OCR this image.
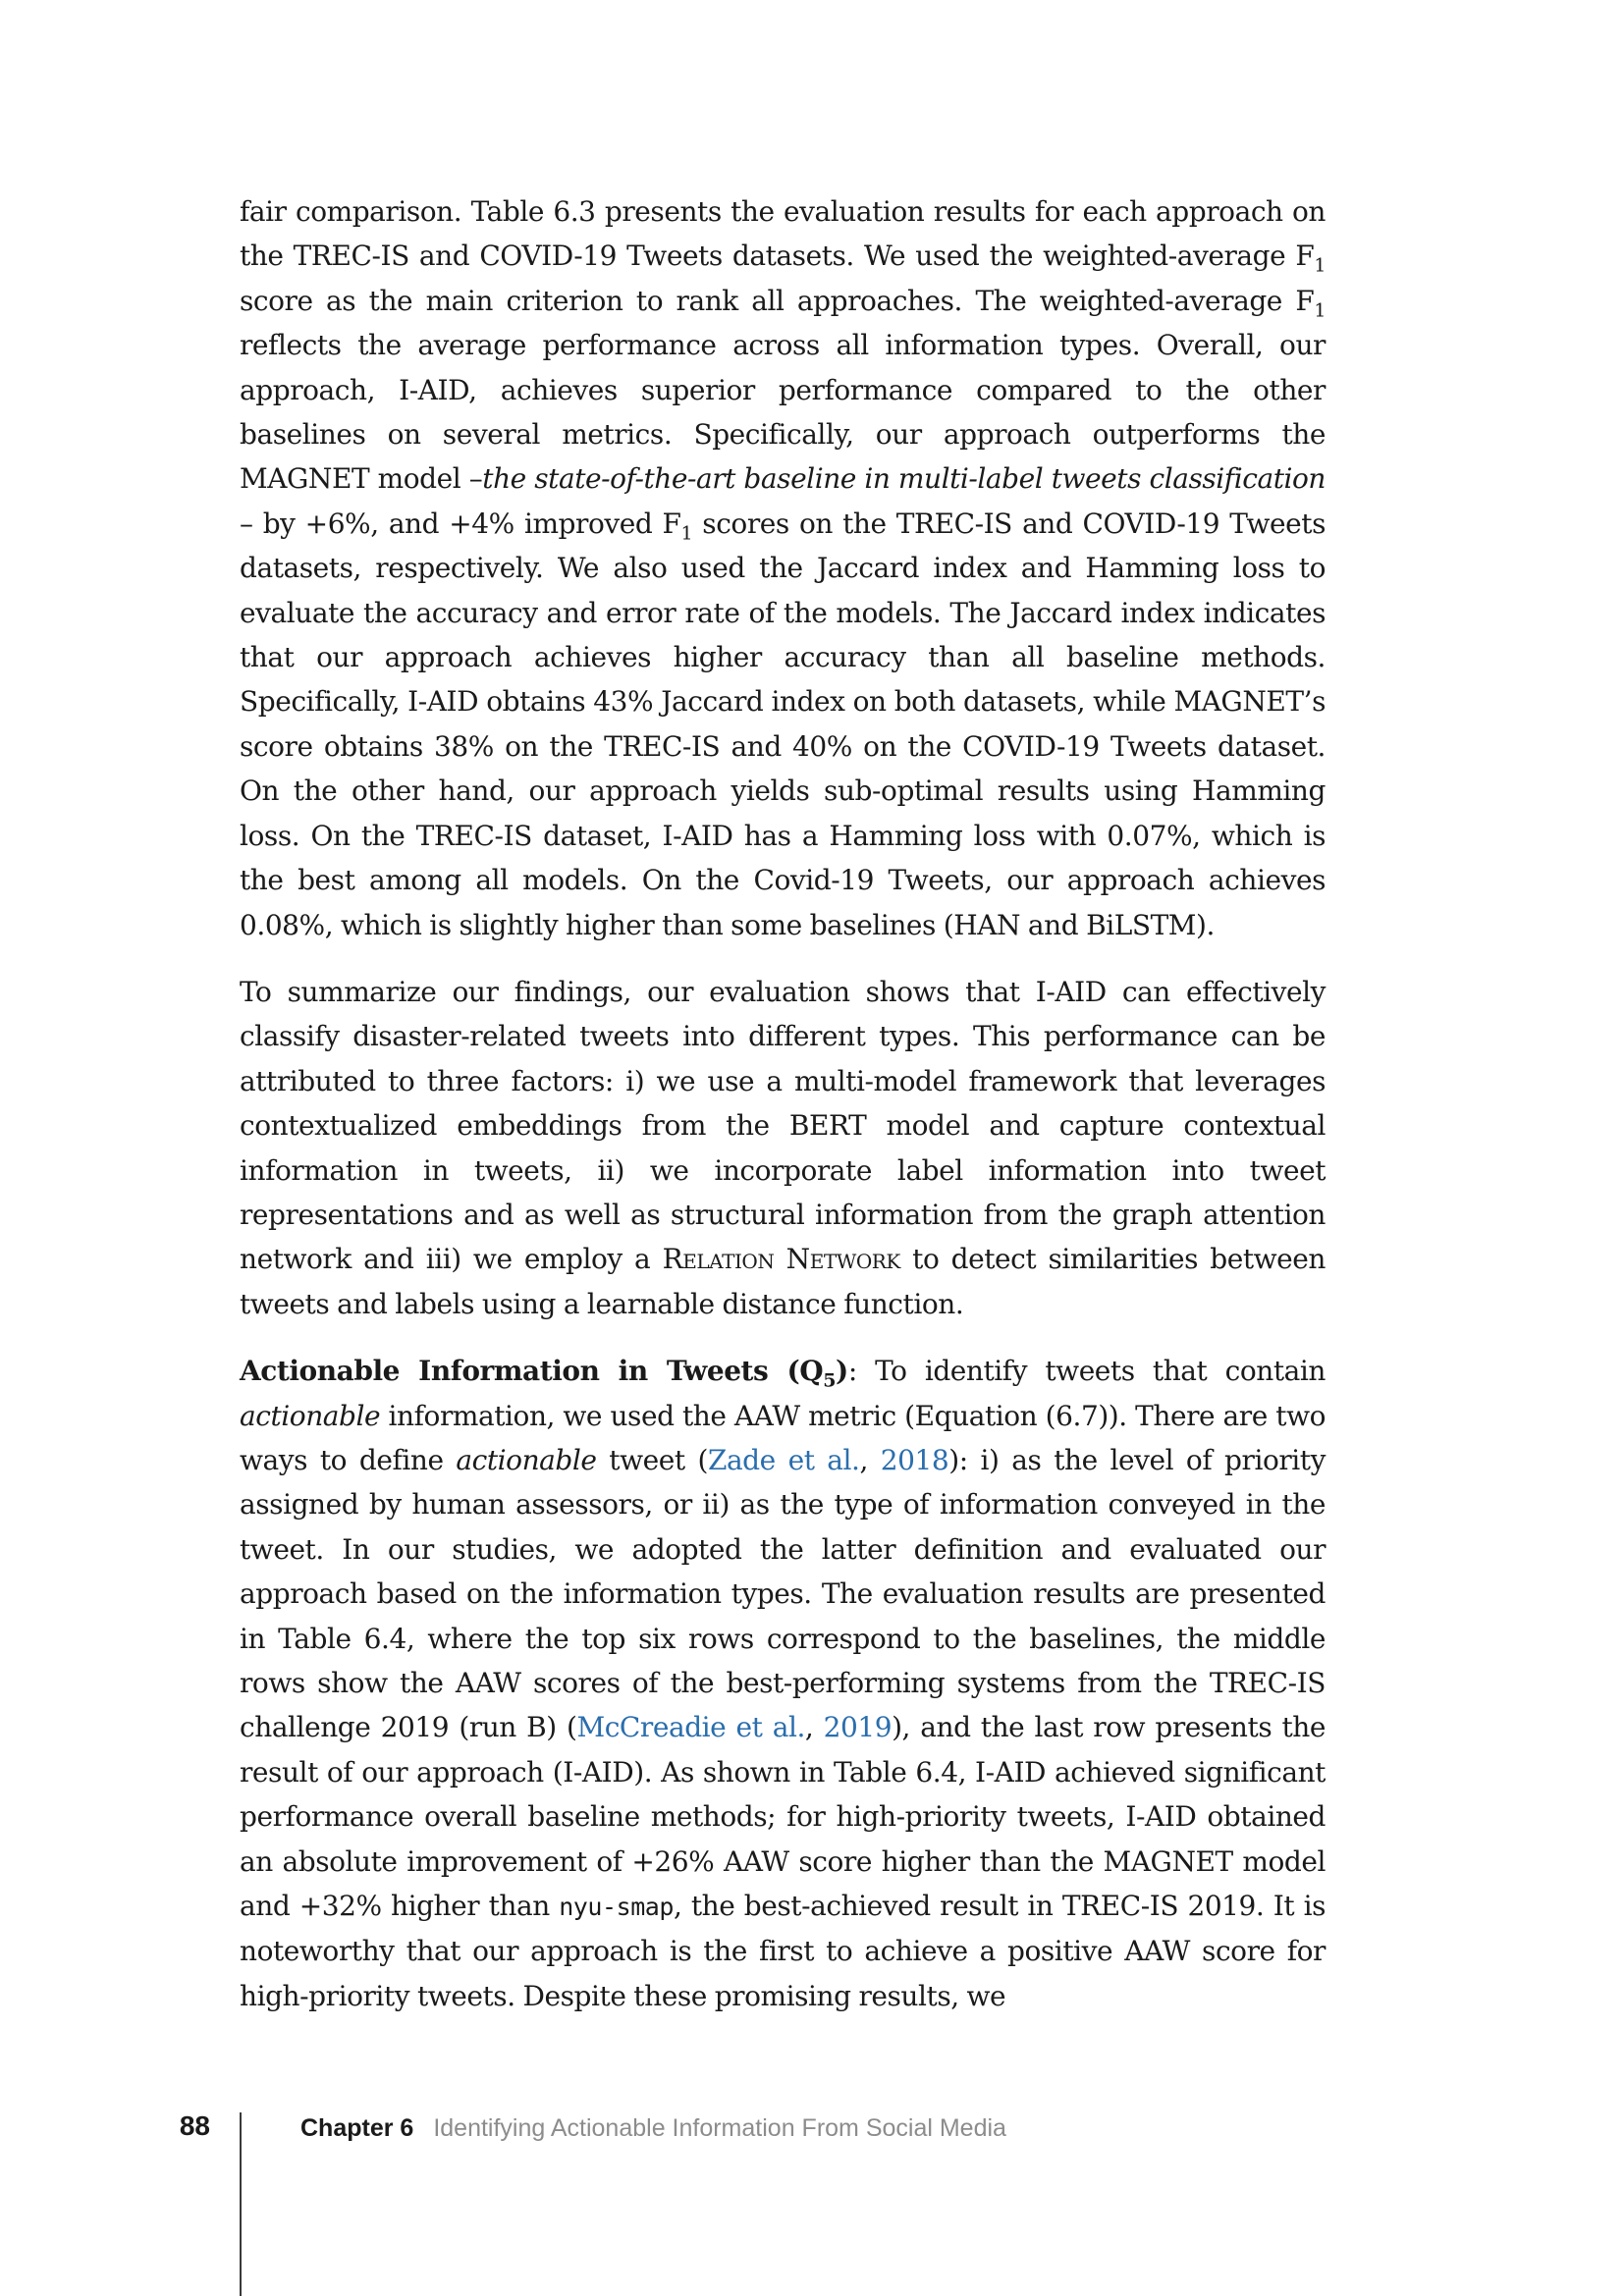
fair comparison. Table 6.3 presents the evaluation results for each approach on the TREC-IS and COVID-19 Tweets datasets. We used the weighted-average $F_1$ score as the main criterion to rank all approaches. The weighted-average $F_1$ reflects the average performance across all information types. Overall, our approach, I-AID, achieves superior performance compared to the other baselines on several metrics. Specifically, our approach outperforms the MAGNET model –the state-of-the-art baseline in multi-label tweets classification – by +6%, and +4% improved $F_1$ scores on the TREC-IS and COVID-19 Tweets datasets, respectively. We also used the Jaccard index and Hamming loss to evaluate the accuracy and error rate of the models. The Jaccard index indicates that our approach achieves higher accuracy than all baseline methods. Specifically, I-AID obtains 43% Jaccard index on both datasets, while MAGNET’s score obtains 38% on the TREC-IS and 40% on the COVID-19 Tweets dataset. On the other hand, our approach yields sub-optimal results using Hamming loss. On the TREC-IS dataset, I-AID has a Hamming loss with 0.07%, which is the best among all models. On the Covid-19 Tweets, our approach achieves 0.08%, which is slightly higher than some baselines (HAN and BiLSTM).

To summarize our findings, our evaluation shows that I-AID can effectively classify disaster-related tweets into different types. This performance can be attributed to three factors: i) we use a multi-model framework that leverages contextualized embeddings from the BERT model and capture contextual information in tweets, ii) we incorporate label information into tweet representations and as well as structural information from the graph attention network and iii) we employ a Relation Network to detect similarities between tweets and labels using a learnable distance function.

Actionable Information in Tweets $(Q_5)$: To identify tweets that contain actionable information, we used the AAW metric (Equation (6.7)). There are two ways to define actionable tweet (Zade et al., 2018): i) as the level of priority assigned by human assessors, or ii) as the type of information conveyed in the tweet. In our studies, we adopted the latter definition and evaluated our approach based on the information types. The evaluation results are presented in Table 6.4, where the top six rows correspond to the baselines, the middle rows show the AAW scores of the best-performing systems from the TREC-IS challenge 2019 (run B) (McCreadie et al., 2019), and the last row presents the result of our approach (I-AID). As shown in Table 6.4, I-AID achieved significant performance overall baseline methods; for high-priority tweets, I-AID obtained an absolute improvement of +26% AAW score higher than the MAGNET model and +32% higher than nyu-smap, the best-achieved result in TREC-IS 2019. It is noteworthy that our approach is the first to achieve a positive AAW score for high-priority tweets. Despite these promising results, we

88	Chapter 6 Identifying Actionable Information From Social Media
